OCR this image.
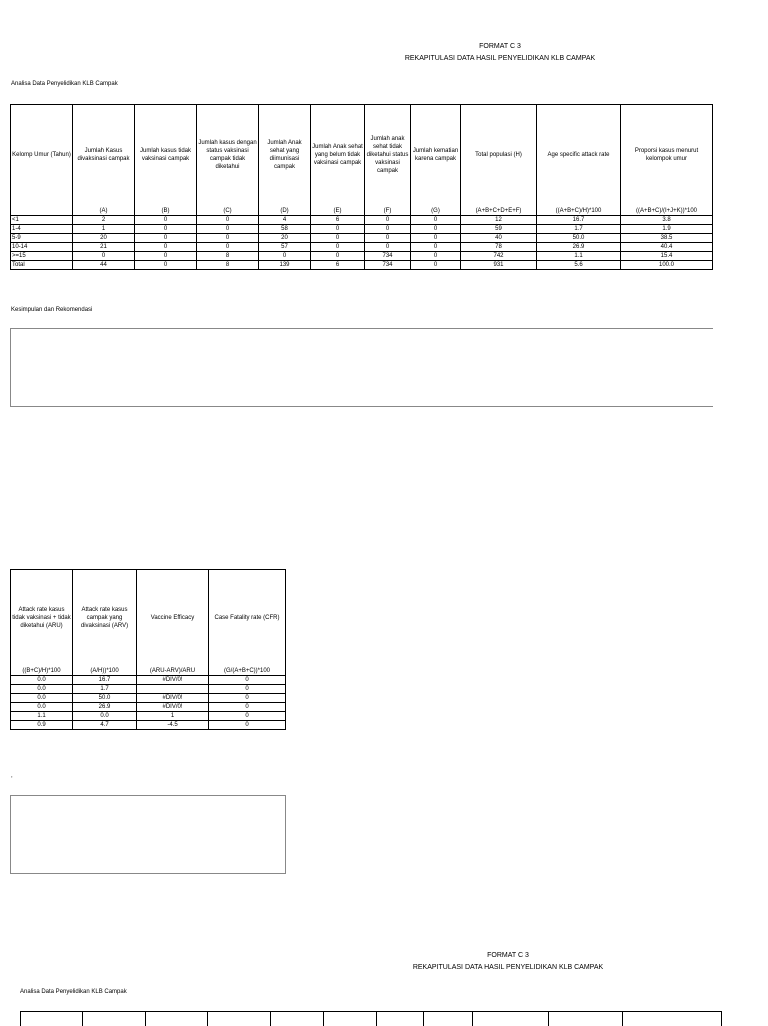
FORMAT C 3
REKAPITULASI DATA HASIL PENYELIDIKAN KLB CAMPAK
Analisa Data Penyelidikan KLB Campak
Kelomp Umur (Tahun)	Jumlah Kasus divaksinasi campak	Jumlah kasus tidak vaksinasi campak	Jumlah kasus dengan status vaksinasi campak tidak diketahui	Jumlah Anak sehat yang diimunisasi campak	Jumlah Anak sehat yang belum tidak vaksinasi campak	Jumlah anak sehat tidak diketahui status vaksinasi campak	Jumlah kematian karena campak	Total populasi (H)	Age specific attack rate	Proporsi kasus menurut kelompok umur
	(A)	(B)	(C)	(D)	(E)	(F)	(G)	(A+B+C+D+E+F)	((A+B+C)/H)*100	((A+B+C)/(I+J+K))*100
<1	2	0	0	4	6	0	0	12	16.7	3.8
1-4	1	0	0	58	0	0	0	59	1.7	1.9
5-9	20	0	0	20	0	0	0	40	50.0	38.5
10-14	21	0	0	57	0	0	0	78	26.9	40.4
>=15	0	0	8	0	0	734	0	742	1.1	15.4
Total	44	0	8	139	6	734	0	931	5.6	100.0
Kesimpulan dan Rekomendasi
Attack rate kasus tidak vaksinasi + tidak diketahui (ARU)	Attack rate kasus campak yang divaksinasi (ARV)	Vaccine Efficacy	Case Fatality rate (CFR)
((B+C)/H)*100	(A/H))*100	(ARU-ARV)/ARU	(G/(A+B+C))*100
0.0	16.7	#DIV/0!	0
0.0	1.7		0
0.0	50.0	#DIV/0!	0
0.0	26.9	#DIV/0!	0
1.1	0.0	1	0
0.9	4.7	-4.5	0
,
FORMAT C 3
REKAPITULASI DATA HASIL PENYELIDIKAN KLB CAMPAK
Analisa Data Penyelidikan KLB Campak
